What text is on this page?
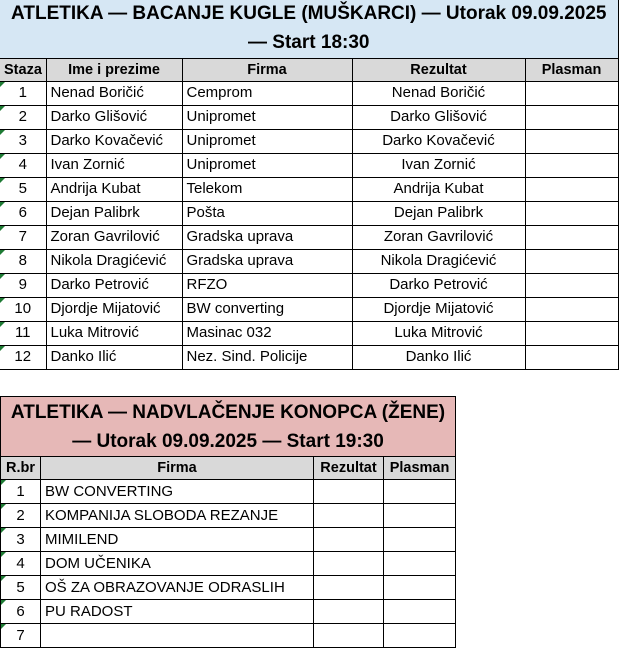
ATLETIKA — BACANJE KUGLE (MUŠKARCI) — Utorak 09.09.2025 — Start 18:30				
Staza	Ime i prezime	Firma	Rezultat	Plasman
1	Nenad Boričić	Cemprom	Nenad Boričić	
2	Darko Glišović	Unipromet	Darko Glišović	
3	Darko Kovačević	Unipromet	Darko Kovačević	
4	Ivan Zornić	Unipromet	Ivan Zornić	
5	Andrija Kubat	Telekom	Andrija Kubat	
6	Dejan Palibrk	Pošta	Dejan Palibrk	
7	Zoran Gavrilović	Gradska uprava	Zoran Gavrilović	
8	Nikola Dragićević	Gradska uprava	Nikola Dragićević	
9	Darko Petrović	RFZO	Darko Petrović	
10	Djordje Mijatović	BW converting	Djordje Mijatović	
11	Luka Mitrović	Masinac 032	Luka Mitrović	
12	Danko Ilić	Nez. Sind. Policije	Danko Ilić	
ATLETIKA — NADVLAČENJE KONOPCA (ŽENE) — Utorak 09.09.2025 — Start 19:30			
R.br	Firma	Rezultat	Plasman
1	BW CONVERTING		
2	KOMPANIJA SLOBODA REZANJE		
3	MIMILEND		
4	DOM UČENIKA		
5	OŠ ZA OBRAZOVANJE ODRASLIH		
6	PU RADOST		
7			
